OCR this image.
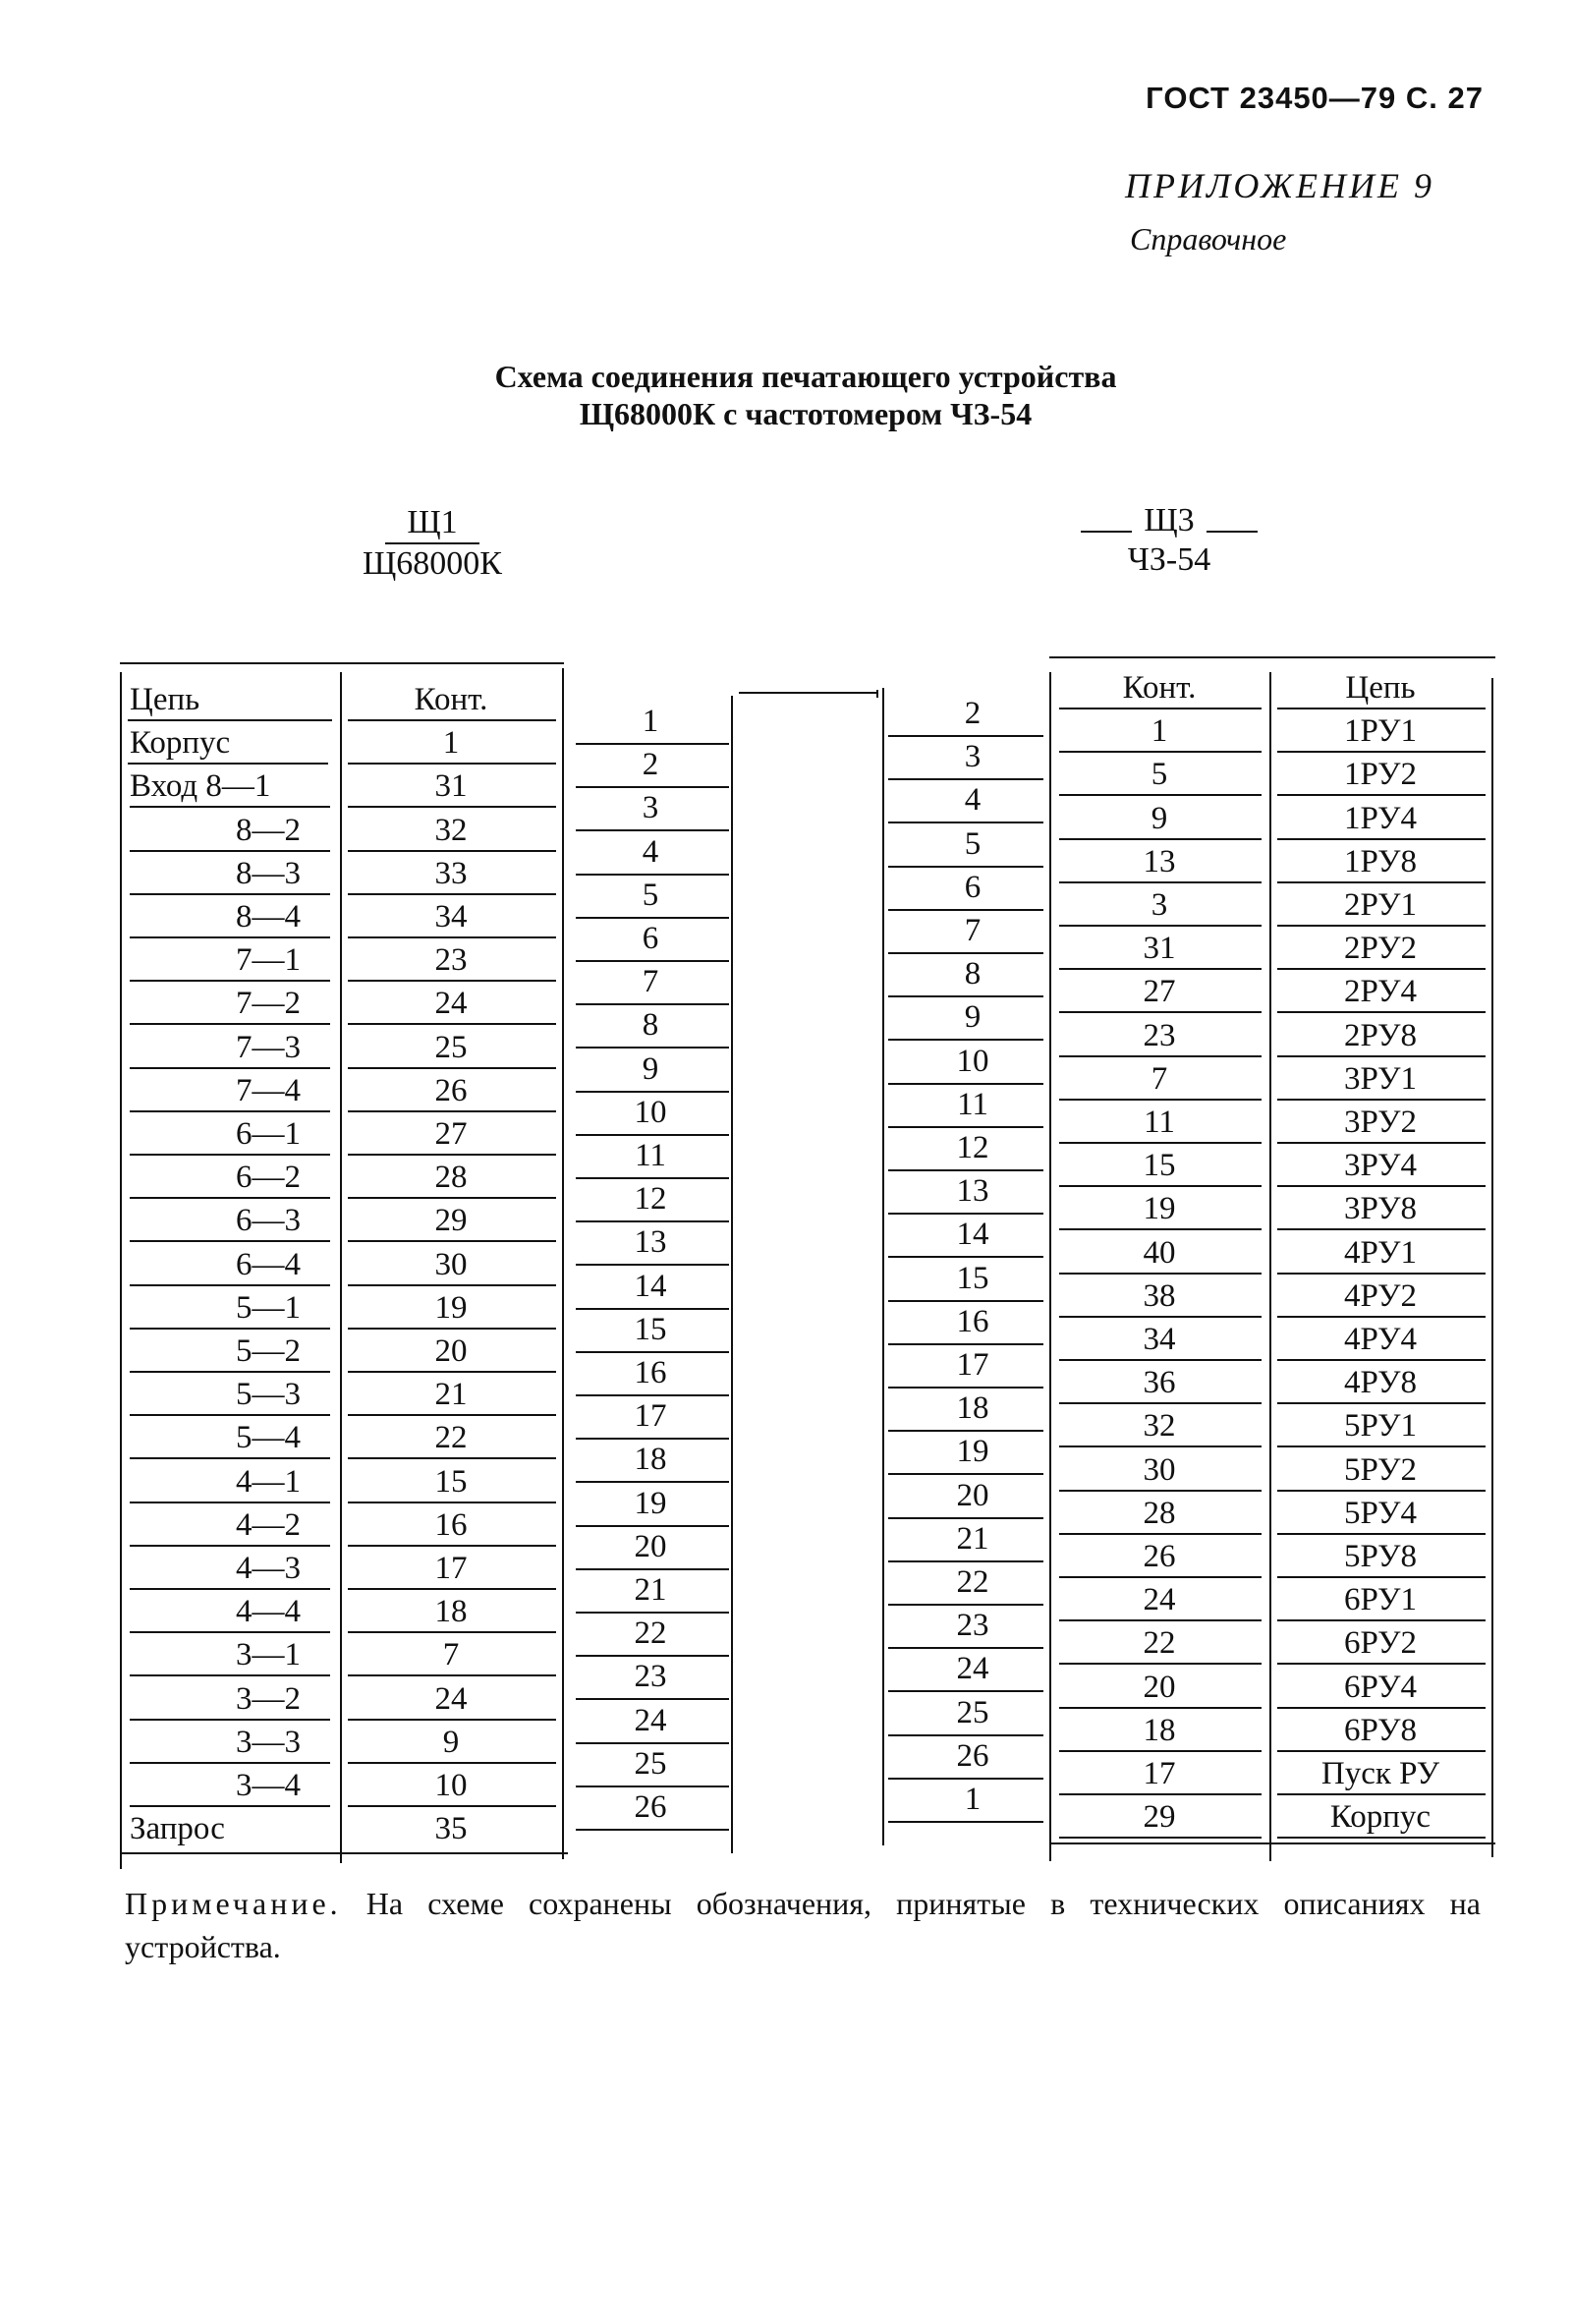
ГОСТ 23450—79 С. 27
ПРИЛОЖЕНИЕ 9
Справочное
Схема соединения печатающего устройства
Щ68000К с частотомером ЧЗ-54
Щ1
Щ68000К
Щ3
ЧЗ-54
Цепь	Конт.
Корпус	1
Вход 8—1	31
8—2	32
8—3	33
8—4	34
7—1	23
7—2	24
7—3	25
7—4	26
6—1	27
6—2	28
6—3	29
6—4	30
5—1	19
5—2	20
5—3	21
5—4	22
4—1	15
4—2	16
4—3	17
4—4	18
3—1	7
3—2	24
3—3	9
3—4	10
Запрос	35
1
2
3
4
5
6
7
8
9
10
11
12
13
14
15
16
17
18
19
20
21
22
23
24
25
26
2
3
4
5
6
7
8
9
10
11
12
13
14
15
16
17
18
19
20
21
22
23
24
25
26
1
Конт.	Цепь
1	1РУ1
5	1РУ2
9	1РУ4
13	1РУ8
3	2РУ1
31	2РУ2
27	2РУ4
23	2РУ8
7	3РУ1
11	3РУ2
15	3РУ4
19	3РУ8
40	4РУ1
38	4РУ2
34	4РУ4
36	4РУ8
32	5РУ1
30	5РУ2
28	5РУ4
26	5РУ8
24	6РУ1
22	6РУ2
20	6РУ4
18	6РУ8
17	Пуск РУ
29	Корпус
Примечание. На схеме сохранены обозначения, принятые в технических описаниях на устройства.
